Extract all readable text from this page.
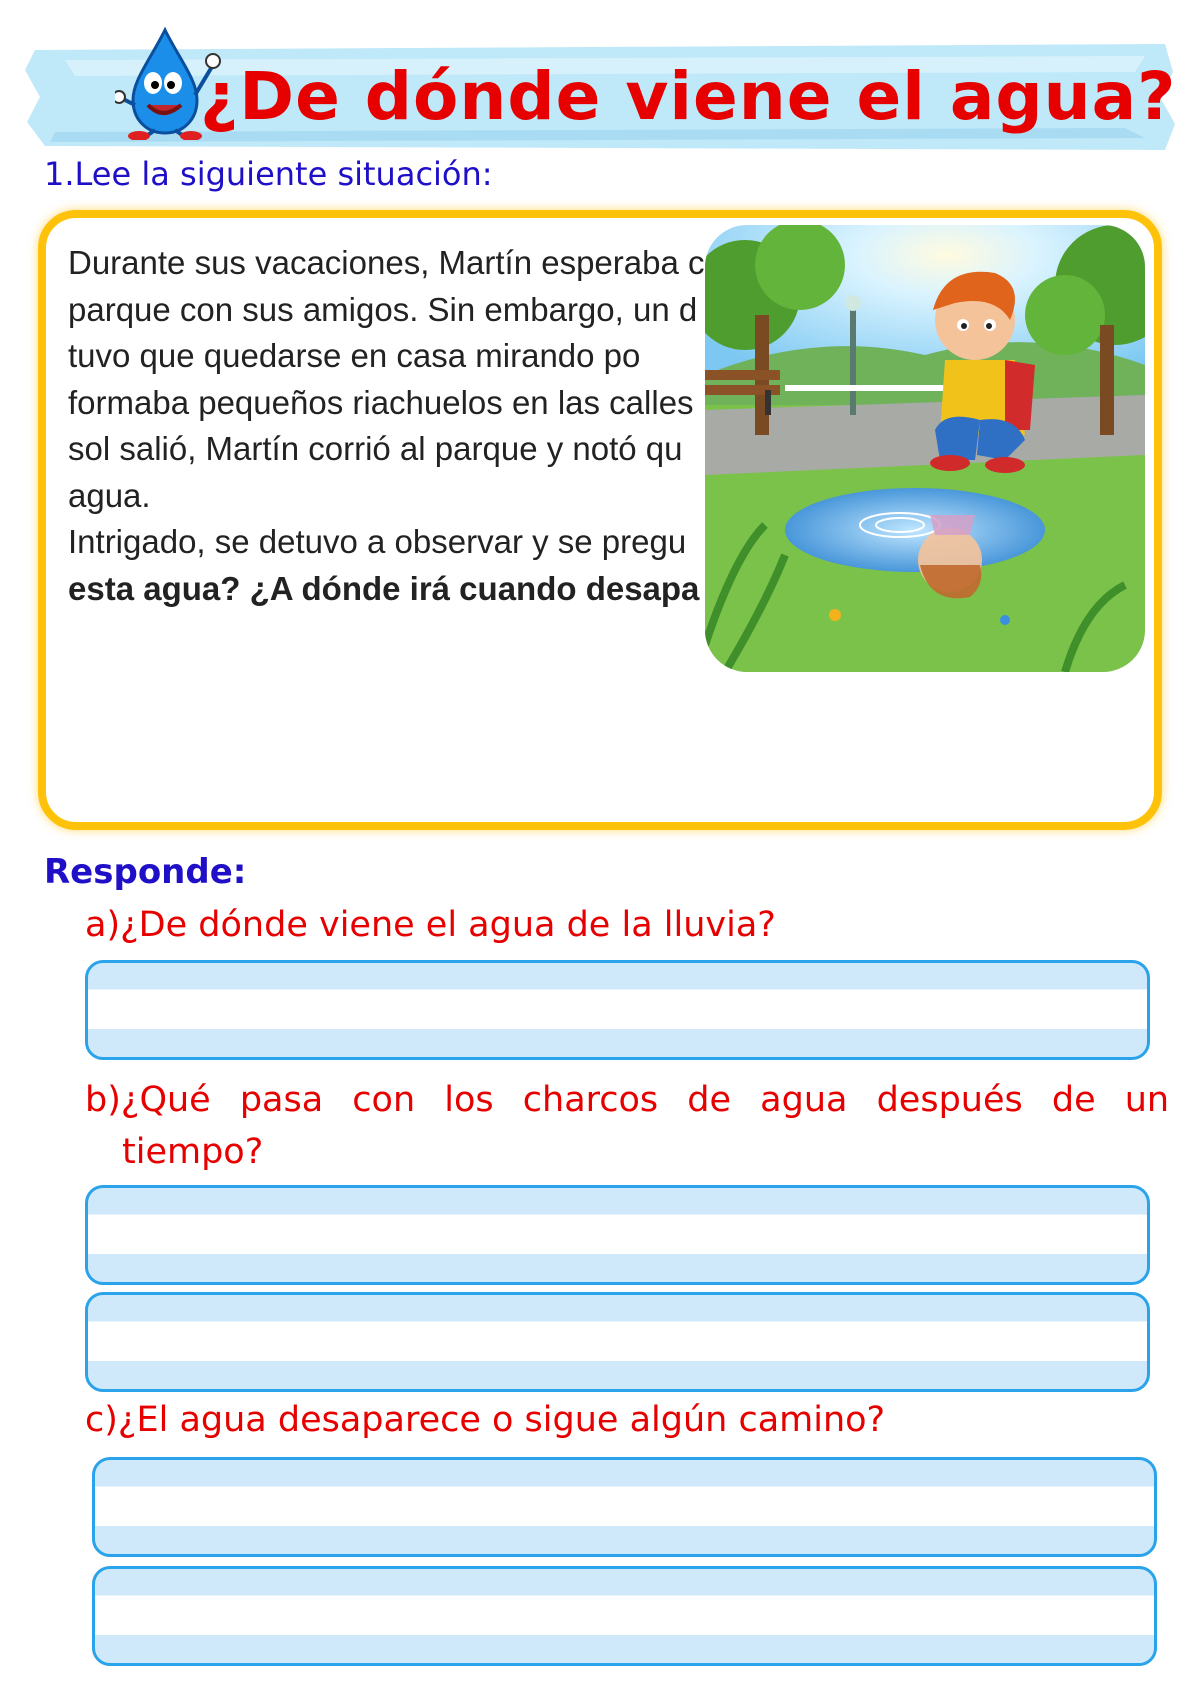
¿De dónde viene el agua?
1.Lee la siguiente situación:
Durante sus vacaciones, Martín esperaba c
parque con sus amigos. Sin embargo, un d
tuvo que quedarse en casa mirando po
formaba pequeños riachuelos en las calles
sol salió, Martín corrió al parque y notó qu
agua.
Intrigado, se detuvo a observar y se pregu
esta agua? ¿A dónde irá cuando desapa
Responde:
a)¿De dónde viene el agua de la lluvia?
b)¿Qué pasa con los charcos de agua después de un
tiempo?
c)¿El agua desaparece o sigue algún camino?
